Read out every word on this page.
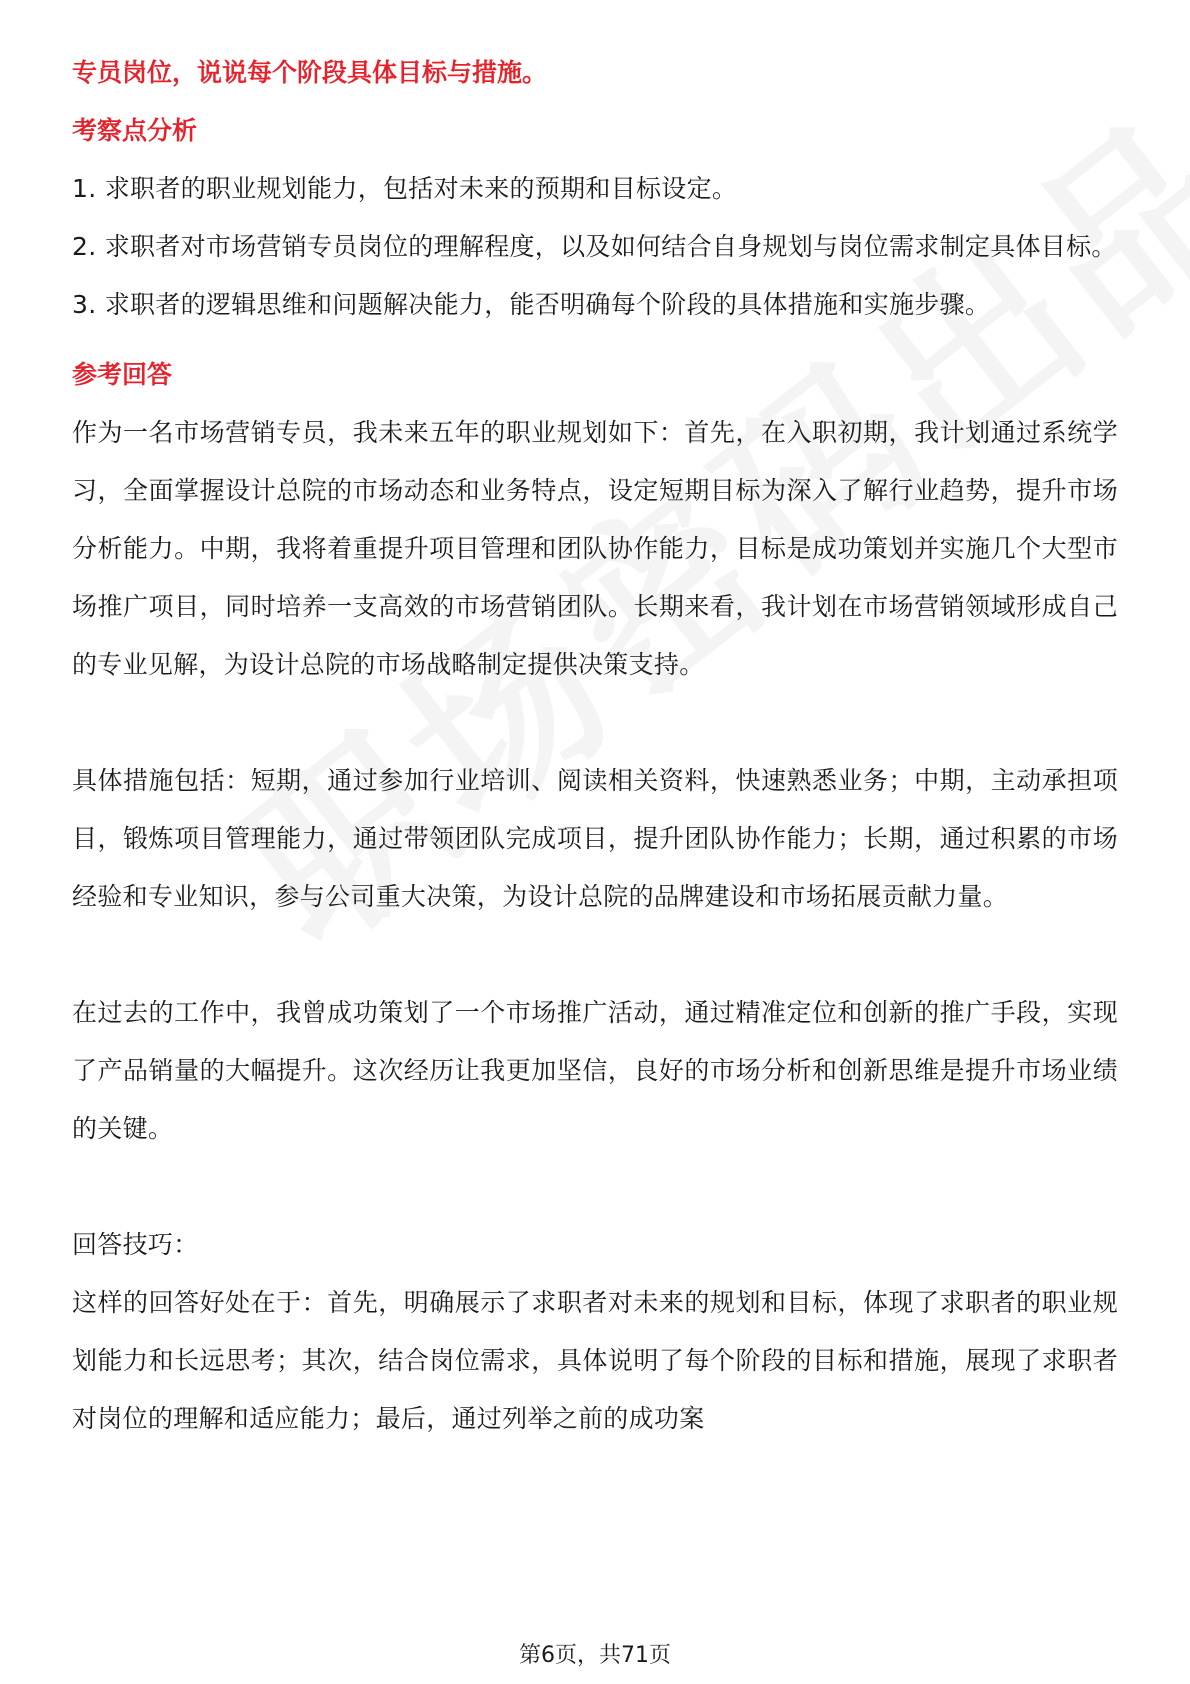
专员岗位，说说每个阶段具体目标与措施。

考察点分析

1. 求职者的职业规划能力，包括对未来的预期和目标设定。

2. 求职者对市场营销专员岗位的理解程度，以及如何结合自身规划与岗位需求制定具体目标。

3. 求职者的逻辑思维和问题解决能力，能否明确每个阶段的具体措施和实施步骤。

参考回答

作为一名市场营销专员，我未来五年的职业规划如下：首先，在入职初期，我计划通过系统学习，全面掌握设计总院的市场动态和业务特点，设定短期目标为深入了解行业趋势，提升市场分析能力。中期，我将着重提升项目管理和团队协作能力，目标是成功策划并实施几个大型市场推广项目，同时培养一支高效的市场营销团队。长期来看，我计划在市场营销领域形成自己的专业见解，为设计总院的市场战略制定提供决策支持。

具体措施包括：短期，通过参加行业培训、阅读相关资料，快速熟悉业务；中期，主动承担项目，锻炼项目管理能力，通过带领团队完成项目，提升团队协作能力；长期，通过积累的市场经验和专业知识，参与公司重大决策，为设计总院的品牌建设和市场拓展贡献力量。

在过去的工作中，我曾成功策划了一个市场推广活动，通过精准定位和创新的推广手段，实现了产品销量的大幅提升。这次经历让我更加坚信，良好的市场分析和创新思维是提升市场业绩的关键。

回答技巧：

这样的回答好处在于：首先，明确展示了求职者对未来的规划和目标，体现了求职者的职业规划能力和长远思考；其次，结合岗位需求，具体说明了每个阶段的目标和措施，展现了求职者对岗位的理解和适应能力；最后，通过列举之前的成功案

第6页，共71页
